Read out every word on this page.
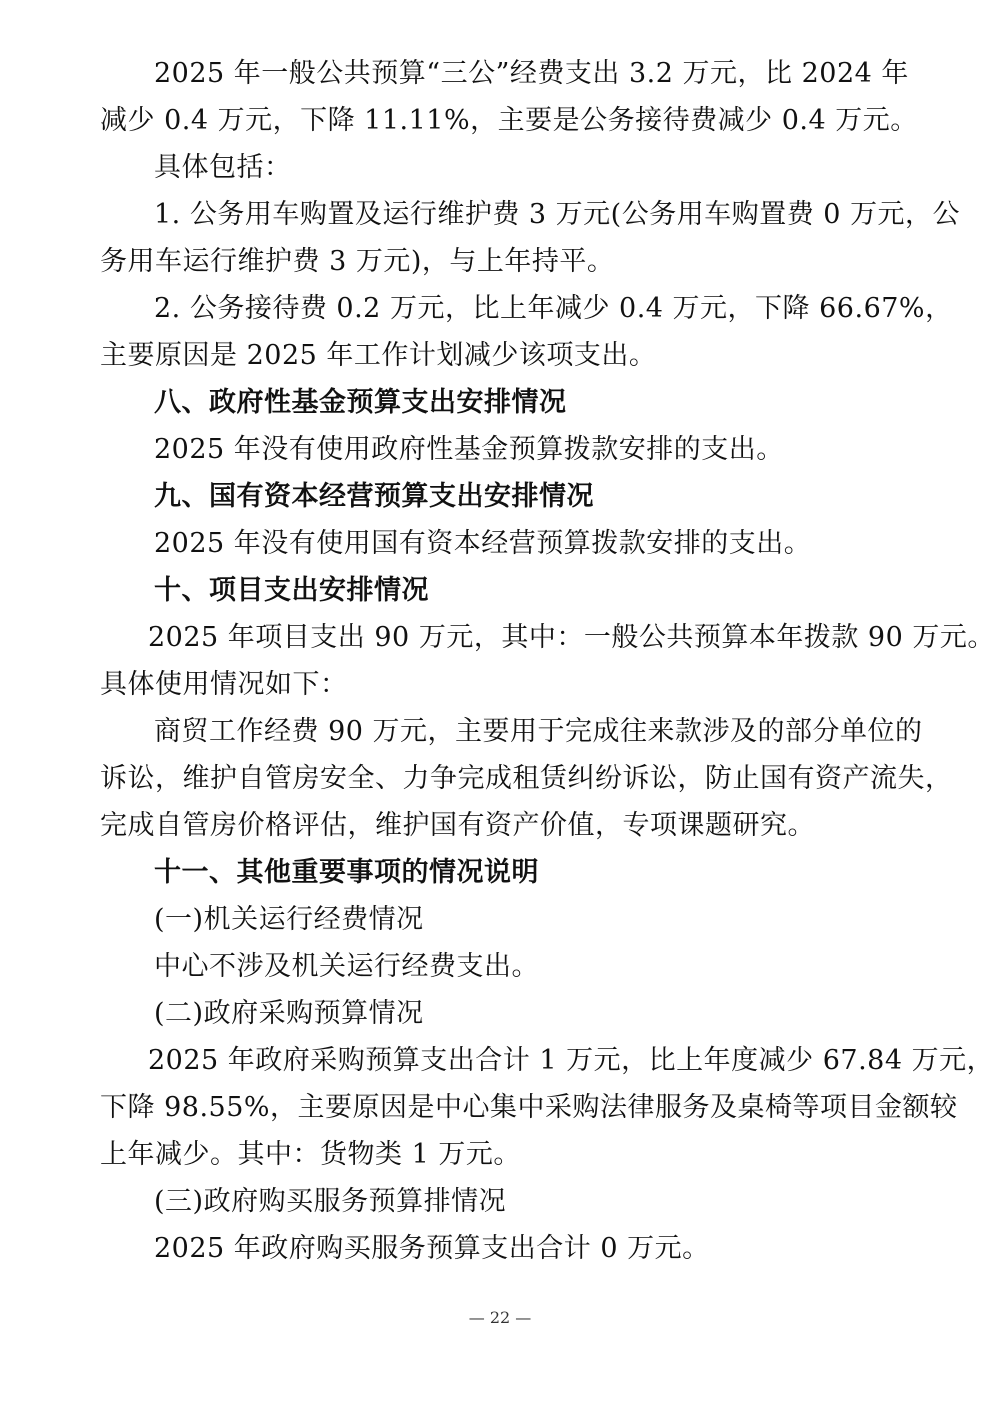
2025 年一般公共预算“三公”经费支出 3.2 万元，比 2024 年
减少 0.4 万元，下降 11.11%，主要是公务接待费减少 0.4 万元。
具体包括：
1. 公务用车购置及运行维护费 3 万元(公务用车购置费 0 万元，公
务用车运行维护费 3 万元)，与上年持平。
2. 公务接待费 0.2 万元，比上年减少 0.4 万元，下降 66.67%，
主要原因是 2025 年工作计划减少该项支出。
八、政府性基金预算支出安排情况
2025 年没有使用政府性基金预算拨款安排的支出。
九、国有资本经营预算支出安排情况
2025 年没有使用国有资本经营预算拨款安排的支出。
十、项目支出安排情况
2025 年项目支出 90 万元，其中：一般公共预算本年拨款 90 万元。
具体使用情况如下：
商贸工作经费 90 万元，主要用于完成往来款涉及的部分单位的
诉讼，维护自管房安全、力争完成租赁纠纷诉讼，防止国有资产流失，
完成自管房价格评估，维护国有资产价值，专项课题研究。
十一、其他重要事项的情况说明
(一)机关运行经费情况
中心不涉及机关运行经费支出。
(二)政府采购预算情况
2025 年政府采购预算支出合计 1 万元，比上年度减少 67.84 万元，
下降 98.55%，主要原因是中心集中采购法律服务及桌椅等项目金额较
上年减少。其中：货物类 1 万元。
(三)政府购买服务预算排情况
2025 年政府购买服务预算支出合计 0 万元。
— 22 —
